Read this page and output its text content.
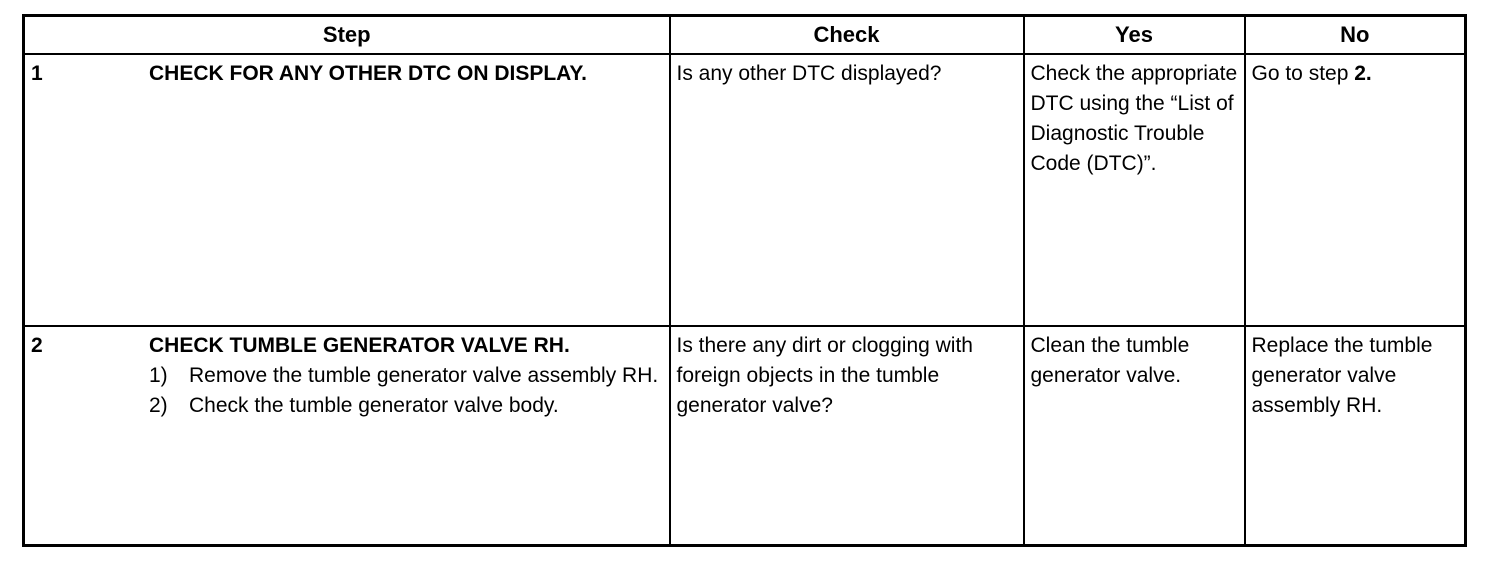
Step	Check	Yes	No

1 CHECK FOR ANY OTHER DTC ON DISPLAY.	Is any other DTC displayed?	Check the appropriate DTC using the “List of Diagnostic Trouble Code (DTC)”.	Go to step 2.

2 CHECK TUMBLE GENERATOR VALVE RH.
1) Remove the tumble generator valve assembly RH.
2) Check the tumble generator valve body.	Is there any dirt or clogging with foreign objects in the tumble generator valve?	Clean the tumble generator valve.	Replace the tumble generator valve assembly RH.
